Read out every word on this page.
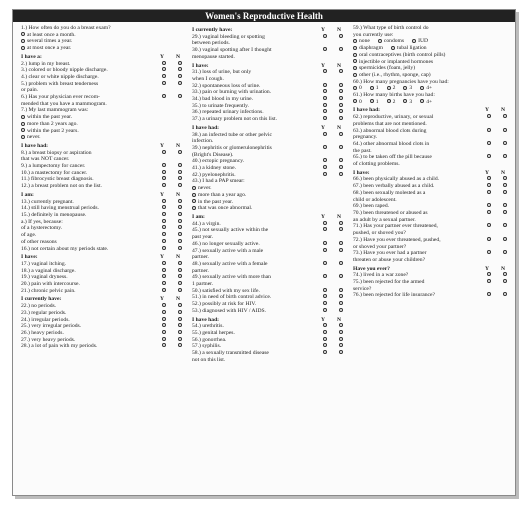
Women's Reproductive Health

1.) How often do you do a breast exam?

at least once a month.

several times a year.

at most once a year.

I have a:	Y N

2.) lump in my breast.

3.) colored or bloody nipple discharge.

4.) clear or white nipple discharge.

5.) problem with breast tenderness

or pain.

6.) Has your physician ever recom-

mended that you have a mammogram.

7.) My last mammogram was:

within the past year.

more than 2 years ago.

within the past 2 years.

never.

I have had:	Y N

8.) a breast biopsy or aspiration

that was NOT cancer.

9.) a lumpectomy for cancer.

10.) a mastectomy for cancer.

11.) fibrocystic breast diagnosis.

12.) a breast problem not on the list.

I am:	Y N

13.) currently pregnant.

14.) still having menstrual periods.

15.) definitely in menopause.

a.) If yes, because:

of a hysterectomy.

of age.

of other reasons

16.) not certain about my periods state.

I have:	Y N

17.) vaginal itching.

18.) a vaginal discharge.

19.) vaginal dryness.

20.) pain with intercourse.

21.) chronic pelvic pain.

I currently have:	Y N

22.) no periods.

23.) regular periods.

24.) irregular periods.

25.) very irregular periods.

26.) heavy periods.

27.) very heavy periods.

28.) a lot of pain with my periods.

I currently have:	Y N

29.) vaginal bleeding or spotting

between periods.

30.) vaginal spotting after I thought

menopause started.

I have:	Y N

31.) loss of urine, but only

when I cough.

32.) spontaneous loss of urine.

33.) pain or burning with urination.

34.) bad blood in my urine.

35.) to urinate frequently.

36.) repeated urinary infections.

37.) a urinary problem not on this list.

I have had:	Y N

38.) an infected tube or other pelvic

infection.

39.) nephritis or glomerulonephritis

(Bright's Disease).

40.) ectopic pregnancy.

41.) a kidney stone.

42.) pyelonephritis.

43.) I had a PAP smear:

never.

more than a year ago.

in the past year.

that was once abnormal.

I am:	Y N

44.) a virgin.

45.) not sexually active within the

past year.

46.) no longer sexually active.

47.) sexually active with a male

partner.

48.) sexually active with a female

partner.

49.) sexually active with more than

1 partner.

50.) satisfied with my sex life.

51.) in need of birth control advice.

52.) possibly at risk for HIV.

53.) diagnosed with HIV / AIDS.

I have had:	Y N

54.) urethritis.

55.) genital herpes.

56.) gonorrhea.

57.) syphilis.

58.) a sexually transmitted disease

not on this list.

59.) What type of birth control do

you currently use:

none	condoms	IUD

diaphragm	tubal ligation

oral contraceptives (birth control pills)

injectible or implanted hormones

spermicides (foam, jelly)

other (i.e., rhythm, sponge, cap)

60.) How many pregnancies have you had:

0	1	2	3	4+

61.) How many births have you had:

0	1	2	3	4+

I have had:	Y N

62.) reproductive, urinary, or sexual

problems that are not mentioned.

63.) abnormal blood clots during

pregnancy.

64.) other abnormal blood clots in

the past.

65.) to be taken off the pill because

of clotting problems.

I have:	Y N

66.) been physically abused as a child.

67.) been verbally abused as a child.

68.) been sexually molested as a

child or adolescent.

69.) been raped.

70.) been threatened or abused as

an adult by a sexual partner.

71.) Has your partner ever threatened,

pushed, or shoved you?

72.) Have you ever threatened, pushed,

or shoved your partner?

73.) Have you ever had a partner

threaten or abuse your children?

Have you ever?	Y N

74.) lived in a war zone?

75.) been rejected for the armed

service?

76.) been rejected for life insurance?
